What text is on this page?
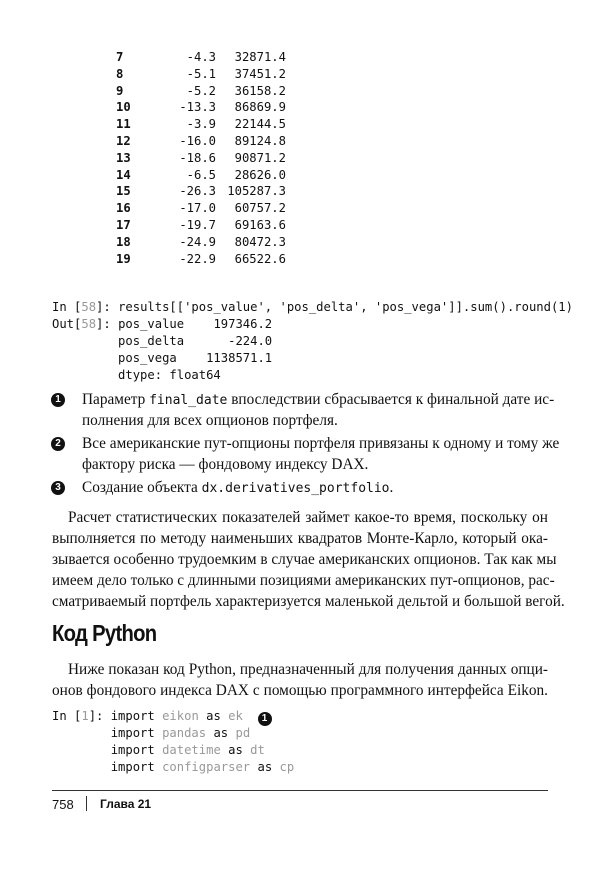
7	-4.3	32871.4
8	-5.1	37451.2
9	-5.2	36158.2
10	-13.3	86869.9
11	-3.9	22144.5
12	-16.0	89124.8
13	-18.6	90871.2
14	-6.5	28626.0
15	-26.3 105287.3
16	-17.0	60757.2
17	-19.7	69163.6
18	-24.9	80472.3
19	-22.9	66522.6
In [58]: results[['pos_value', 'pos_delta', 'pos_vega']].sum().round(1)
Out[58]: pos_value    197346.2
pos_delta      -224.0
pos_vega    1138571.1
dtype: float64
1 Параметр final_date впоследствии сбрасывается к финальной дате ис-
полнения для всех опционов портфеля.
2 Все американские пут-опционы портфеля привязаны к одному и тому же
фактору риска — фондовому индексу DAX.
3 Создание объекта dx.derivatives_portfolio.
Расчет статистических показателей займет какое-то время, поскольку он
выполняется по методу наименьших квадратов Монте-Карло, который ока-
зывается особенно трудоемким в случае американских опционов. Так как мы
имеем дело только с длинными позициями американских пут-опционов, рас-
сматриваемый портфель характеризуется маленькой дельтой и большой вегой.
Код Python
Ниже показан код Python, предназначенный для получения данных опци-
онов фондового индекса DAX с помощью программного интерфейса Eikon.
In [1]: import eikon as ek 1
import pandas as pd
import datetime as dt
import configparser as cp
758 Глава 21
